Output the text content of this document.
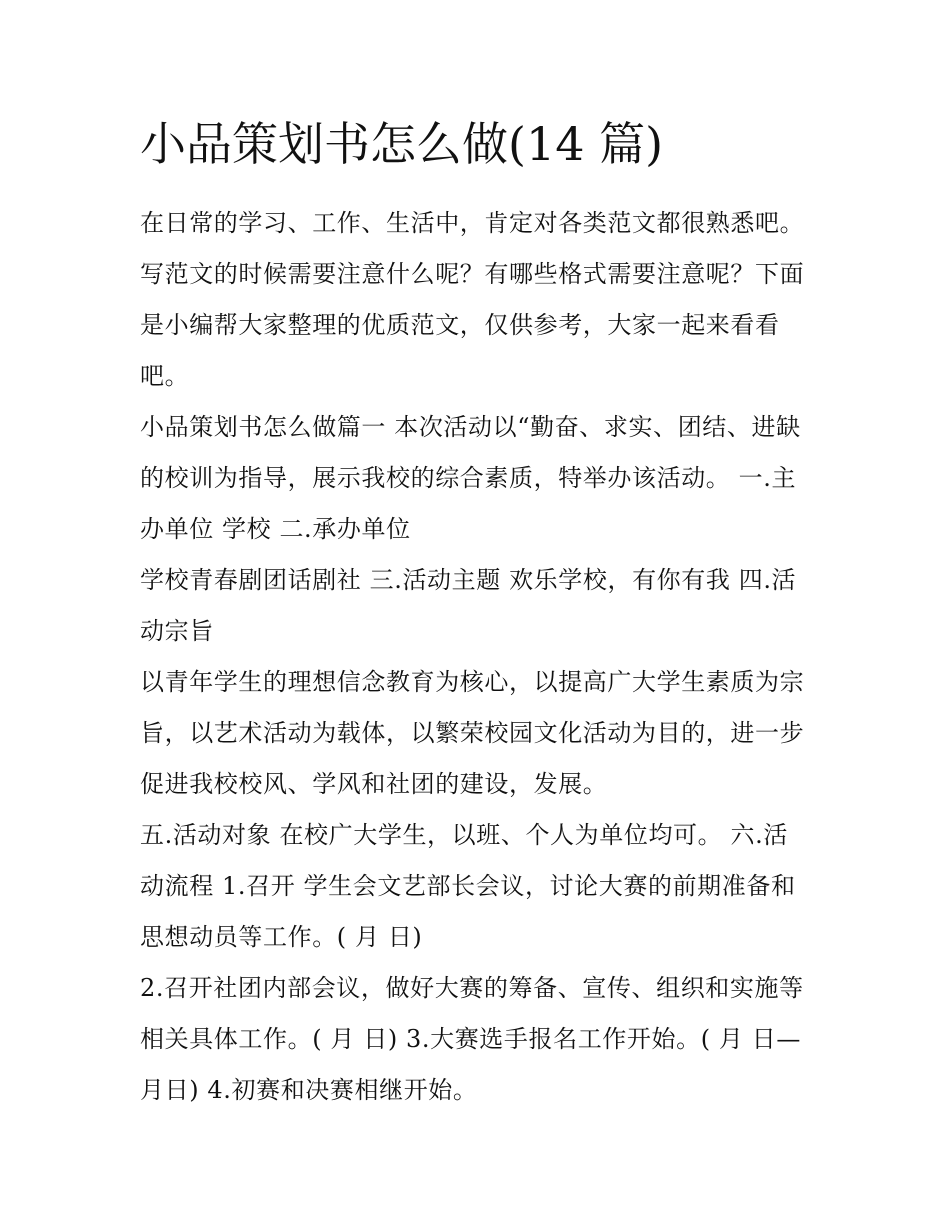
小品策划书怎么做(14 篇)

在日常的学习、工作、生活中，肯定对各类范文都很熟悉吧。写范文的时候需要注意什么呢？有哪些格式需要注意呢？下面是小编帮大家整理的优质范文，仅供参考，大家一起来看看吧。

小品策划书怎么做篇一 本次活动以“勤奋、求实、团结、进缺的校训为指导，展示我校的综合素质，特举办该活动。 一.主办单位 学校 二.承办单位

学校青春剧团话剧社 三.活动主题 欢乐学校，有你有我 四.活动宗旨

以青年学生的理想信念教育为核心，以提高广大学生素质为宗旨，以艺术活动为载体，以繁荣校园文化活动为目的，进一步促进我校校风、学风和社团的建设，发展。

五.活动对象 在校广大学生，以班、个人为单位均可。 六.活动流程 1.召开 学生会文艺部长会议，讨论大赛的前期准备和思想动员等工作。( 月 日)

2.召开社团内部会议，做好大赛的筹备、宣传、组织和实施等相关具体工作。( 月 日) 3.大赛选手报名工作开始。( 月 日—月日) 4.初赛和决赛相继开始。
